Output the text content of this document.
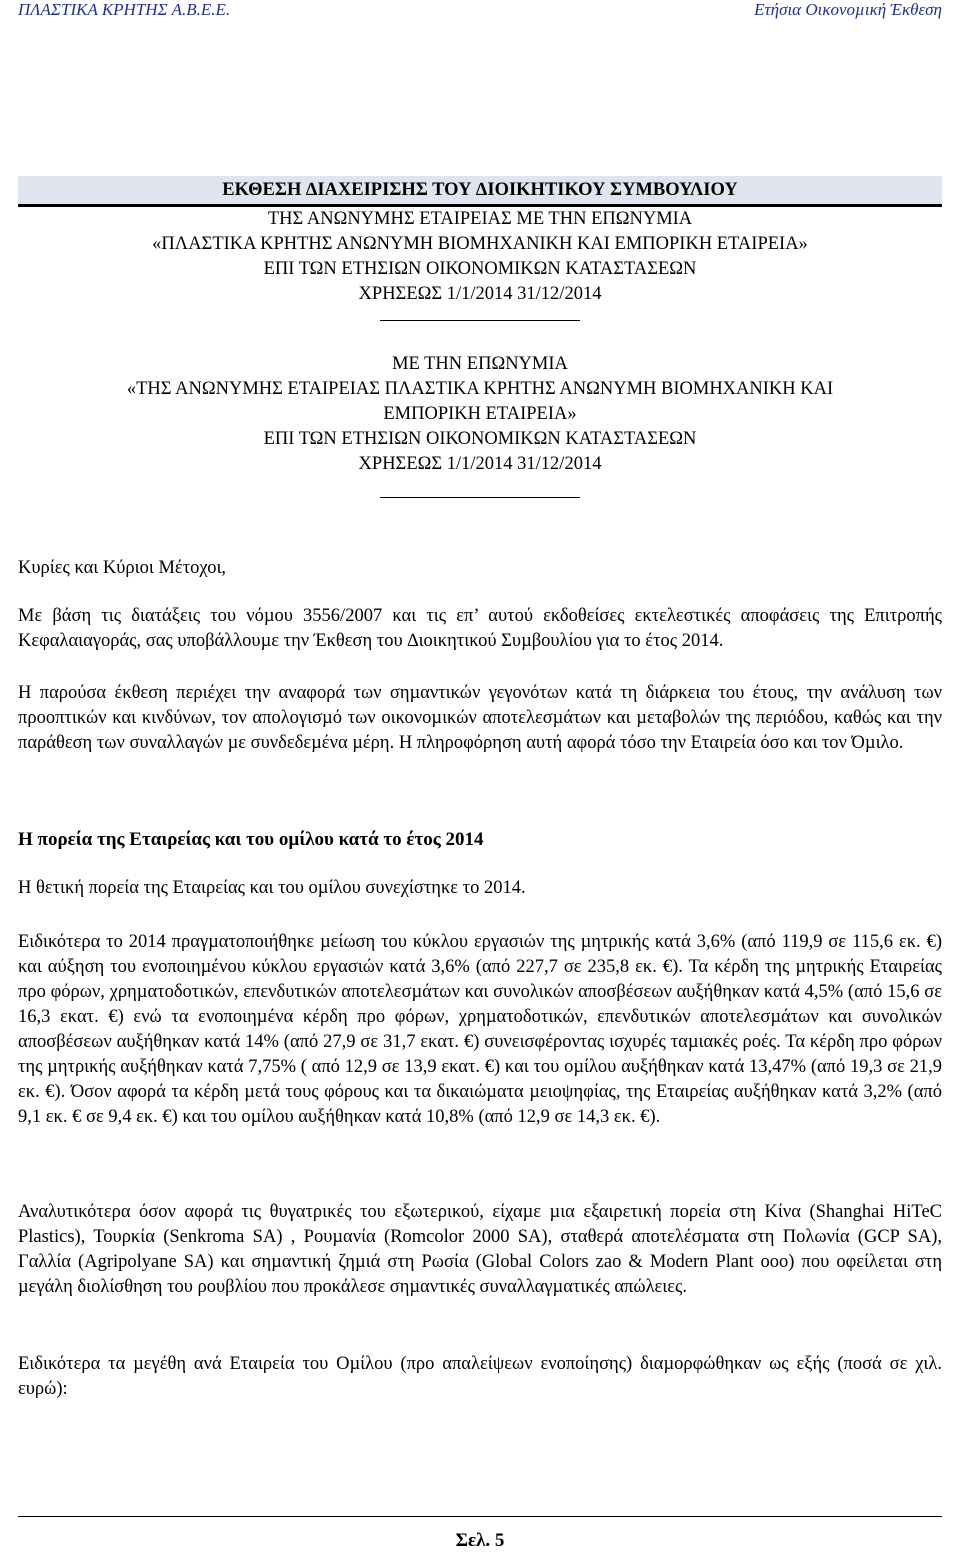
ΠΛΑΣΤΙΚΑ ΚΡΗΤΗΣ Α.Β.Ε.Ε.	Ετήσια Οικονοµική Έκθεση
ΕΚΘΕΣΗ ∆ΙΑΧΕΙΡΙΣΗΣ ΤΟΥ ∆ΙΟΙΚΗΤΙΚΟΥ ΣΥΜΒΟΥΛΙΟΥ
ΤΗΣ ΑΝΩΝΥΜΗΣ ΕΤΑΙΡΕΙΑΣ ΜΕ ΤΗΝ ΕΠΩΝΥΜΙΑ
«ΠΛΑΣΤΙΚΑ ΚΡΗΤΗΣ ΑΝΩΝΥΜΗ ΒΙΟΜΗΧΑΝΙΚΗ ΚΑΙ ΕΜΠΟΡΙΚΗ ΕΤΑΙΡΕΙΑ»
ΕΠΙ ΤΩΝ ΕΤΗΣΙΩΝ ΟΙΚΟΝΟΜΙΚΩΝ ΚΑΤΑΣΤΑΣΕΩΝ
ΧΡΗΣΕΩΣ 1/1/2014 31/12/2014
ΜΕ ΤΗΝ ΕΠΩΝΥΜΙΑ
«ΤΗΣ ΑΝΩΝΥΜΗΣ ΕΤΑΙΡΕΙΑΣ ΠΛΑΣΤΙΚΑ ΚΡΗΤΗΣ ΑΝΩΝΥΜΗ ΒΙΟΜΗΧΑΝΙΚΗ ΚΑΙ
ΕΜΠΟΡΙΚΗ ΕΤΑΙΡΕΙΑ»
ΕΠΙ ΤΩΝ ΕΤΗΣΙΩΝ ΟΙΚΟΝΟΜΙΚΩΝ ΚΑΤΑΣΤΑΣΕΩΝ
ΧΡΗΣΕΩΣ 1/1/2014 31/12/2014

Κυρίες και Κύριοι Μέτοχοι,

Με βάση τις διατάξεις του νόµου 3556/2007 και τις επ’ αυτού εκδοθείσες εκτελεστικές αποφάσεις της Επιτροπής Κεφαλαιαγοράς, σας υποβάλλουµε την Έκθεση του ∆ιοικητικού Συµβουλίου για το έτος 2014.

Η παρούσα έκθεση περιέχει την αναφορά των σηµαντικών γεγονότων κατά τη διάρκεια του έτους, την ανάλυση των προοπτικών και κινδύνων, τον απολογισµό των οικονοµικών αποτελεσµάτων και µεταβολών της περιόδου, καθώς και την παράθεση των συναλλαγών µε συνδεδεµένα µέρη. Η πληροφόρηση αυτή αφορά τόσο την Εταιρεία όσο και τον Όµιλο.

Η πορεία της Εταιρείας και του οµίλου κατά το έτος 2014

Η θετική πορεία της Εταιρείας και του οµίλου συνεχίστηκε το 2014.

Ειδικότερα το 2014 πραγµατοποιήθηκε µείωση του κύκλου εργασιών της µητρικής κατά 3,6% (από 119,9 σε 115,6 εκ. €) και αύξηση του ενοποιηµένου κύκλου εργασιών κατά 3,6% (από 227,7 σε 235,8 εκ. €). Τα κέρδη της µητρικής Εταιρείας προ φόρων, χρηµατοδοτικών, επενδυτικών αποτελεσµάτων και συνολικών αποσβέσεων αυξήθηκαν κατά 4,5% (από 15,6 σε 16,3 εκατ. €) ενώ τα ενοποιηµένα κέρδη προ φόρων, χρηµατοδοτικών, επενδυτικών αποτελεσµάτων και συνολικών αποσβέσεων αυξήθηκαν κατά 14% (από 27,9 σε 31,7 εκατ. €) συνεισφέροντας ισχυρές ταµιακές ροές. Τα κέρδη προ φόρων της µητρικής αυξήθηκαν κατά 7,75% ( από 12,9 σε 13,9 εκατ. €) και του οµίλου αυξήθηκαν κατά 13,47% (από 19,3 σε 21,9 εκ. €). Όσον αφορά τα κέρδη µετά τους φόρους και τα δικαιώµατα µειοψηφίας, της Εταιρείας αυξήθηκαν κατά 3,2% (από 9,1 εκ. € σε 9,4 εκ. €) και του οµίλου αυξήθηκαν κατά 10,8% (από 12,9 σε 14,3 εκ. €).

Αναλυτικότερα όσον αφορά τις θυγατρικές του εξωτερικού, είχαµε µια εξαιρετική πορεία στη Κίνα (Shanghai HiTeC Plastics), Τουρκία (Senkroma SA) , Ρουµανία (Romcolor 2000 SA), σταθερά αποτελέσµατα στη Πολωνία (GCP SA), Γαλλία (Agripolyane SA) και σηµαντική ζηµιά στη Ρωσία (Global Colors zao & Modern Plant ooo) που οφείλεται στη µεγάλη διολίσθηση του ρουβλίου που προκάλεσε σηµαντικές συναλλαγµατικές απώλειες.

Ειδικότερα τα µεγέθη ανά Εταιρεία του Οµίλου (προ απαλείψεων ενοποίησης) διαµορφώθηκαν ως εξής (ποσά σε χιλ. ευρώ):

Σελ. 5
